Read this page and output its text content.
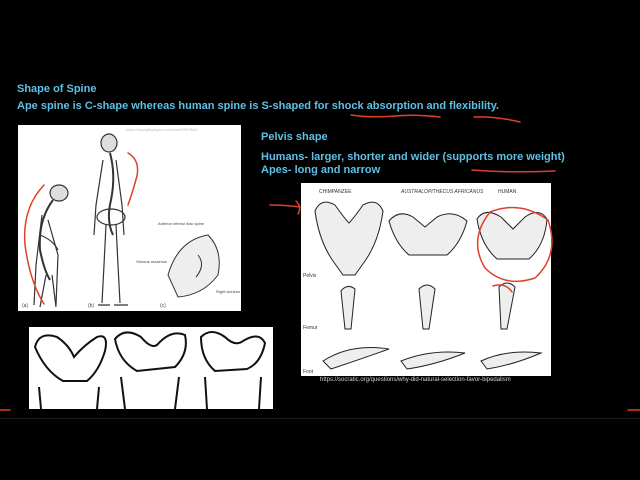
Shape of Spine
Ape spine is C-shape whereas human spine is S-shaped for shock absorption and flexibility.
Pelvis shape
Humans- larger, shorter and wider (supports more weight)
Apes- long and narrow
(a)	(b)	(c)
Anterior inferior iliac spine
Gluteus maximus
Right ischium
https://studylibplayer.com/slide/5997864
CHIMPANZEE	AUSTRALOPITHECUS AFRICANUS	HUMAN
Pelvis
Femur
Foot
https://socratic.org/questions/why-did-natural-selection-favor-bipedalism
